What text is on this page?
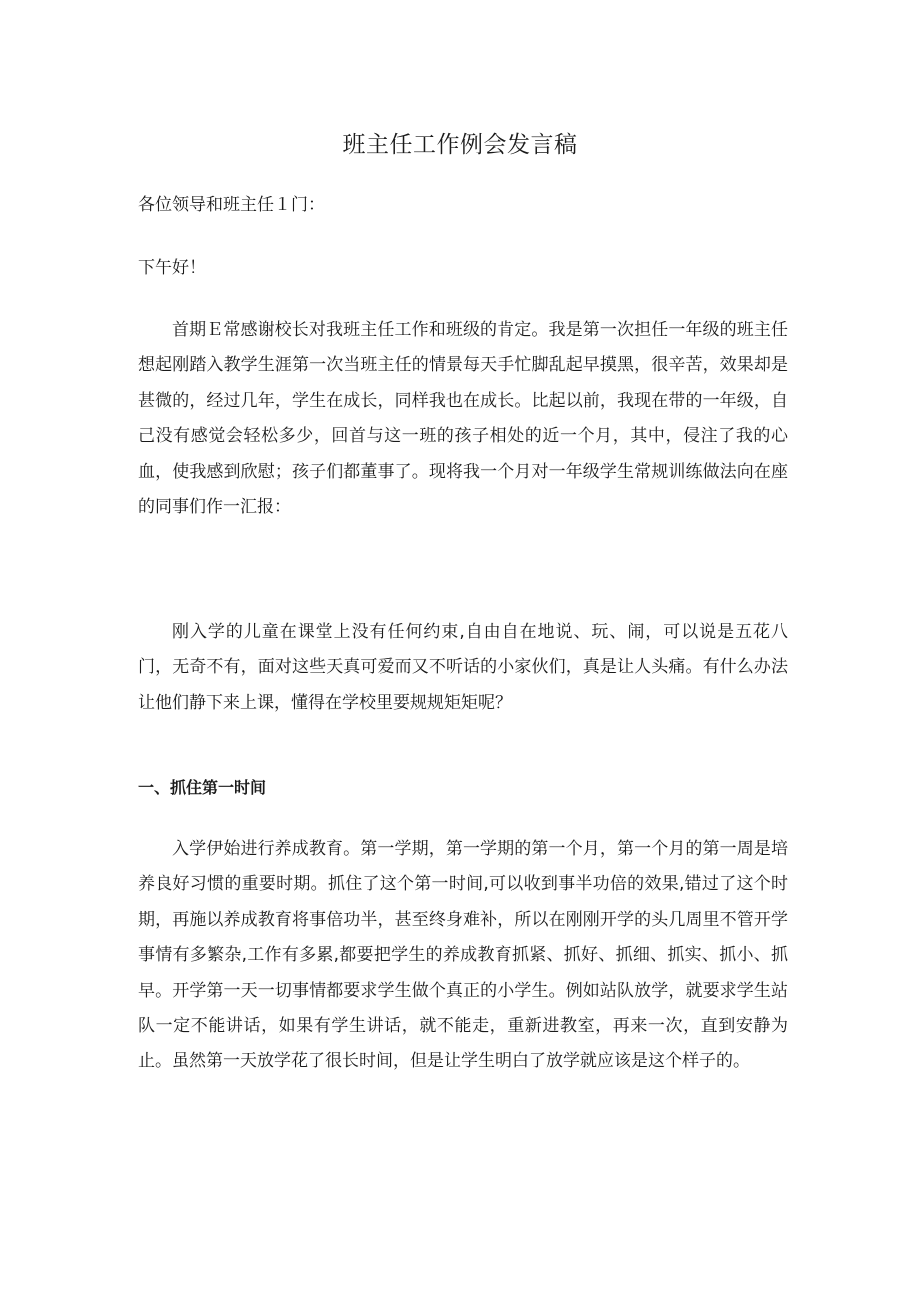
班主任工作例会发言稿
各位领导和班主任１门：
下午好！

首期Ｅ常感谢校长对我班主任工作和班级的肯定。我是第一次担任一年级的班主任想起刚踏入教学生涯第一次当班主任的情景每天手忙脚乱起早摸黑，很辛苦，效果却是甚微的，经过几年，学生在成长，同样我也在成长。比起以前，我现在带的一年级，自己没有感觉会轻松多少，回首与这一班的孩子相处的近一个月，其中，侵注了我的心血，使我感到欣慰；孩子们都董事了。现将我一个月对一年级学生常规训练做法向在座的同事们作一汇报：

刚入学的儿童在课堂上没有任何约束,自由自在地说、玩、闹，可以说是五花八门，无奇不有，面对这些天真可爱而又不听话的小家伙们，真是让人头痛。有什么办法让他们静下来上课，懂得在学校里要规规矩矩呢？

一、抓住第一时间

入学伊始进行养成教育。第一学期，第一学期的第一个月，第一个月的第一周是培养良好习惯的重要时期。抓住了这个第一时间,可以收到事半功倍的效果,错过了这个时期，再施以养成教育将事倍功半，甚至终身难补，所以在刚刚开学的头几周里不管开学事情有多繁杂,工作有多累,都要把学生的养成教育抓紧、抓好、抓细、抓实、抓小、抓早。开学第一天一切事情都要求学生做个真正的小学生。例如站队放学，就要求学生站队一定不能讲话，如果有学生讲话，就不能走，重新进教室，再来一次，直到安静为止。虽然第一天放学花了很长时间，但是让学生明白了放学就应该是这个样子的。
